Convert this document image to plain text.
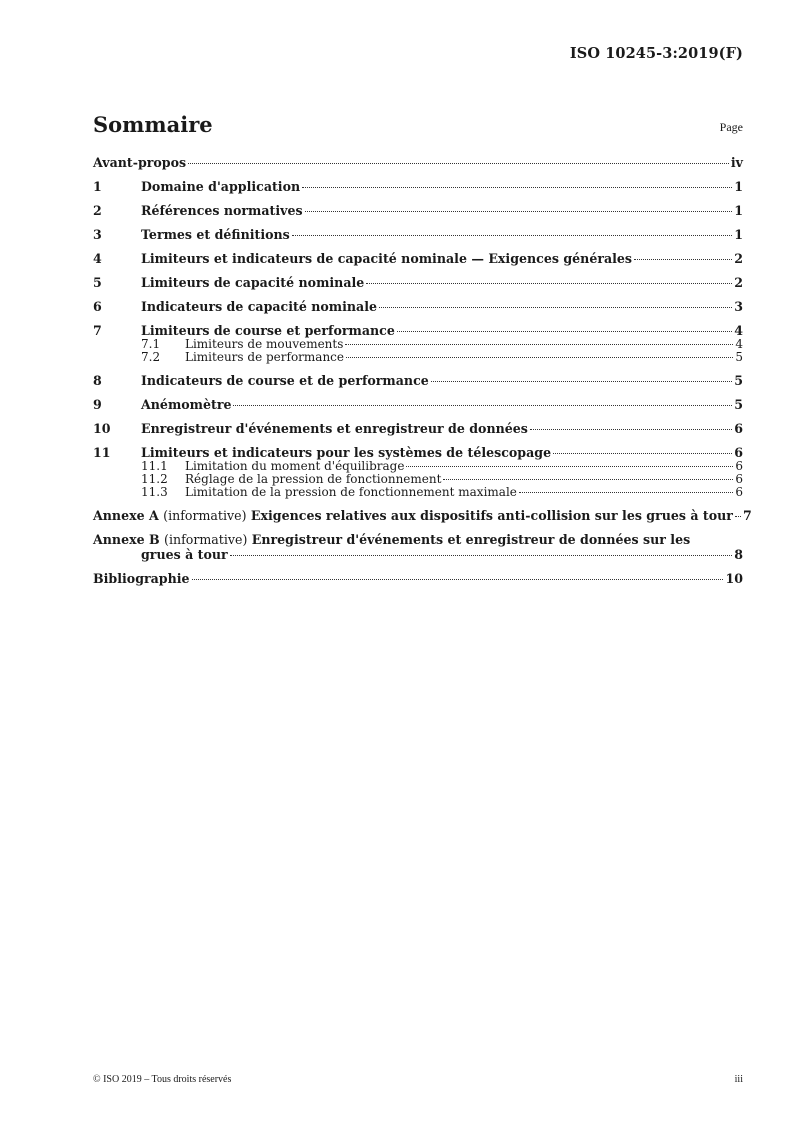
ISO 10245-3:2019(F)
Sommaire	Page
Avant-propos	iv
1	Domaine d'application	1
2	Références normatives	1
3	Termes et définitions	1
4	Limiteurs et indicateurs de capacité nominale — Exigences générales	2
5	Limiteurs de capacité nominale	2
6	Indicateurs de capacité nominale	3
7	Limiteurs de course et performance	4
7.1	Limiteurs de mouvements	4
7.2	Limiteurs de performance	5
8	Indicateurs de course et de performance	5
9	Anémomètre	5
10	Enregistreur d'événements et enregistreur de données	6
11	Limiteurs et indicateurs pour les systèmes de télescopage	6
11.1	Limitation du moment d'équilibrage	6
11.2	Réglage de la pression de fonctionnement	6
11.3	Limitation de la pression de fonctionnement maximale	6
Annexe A (informative) Exigences relatives aux dispositifs anti-collision sur les grues à tour 7
Annexe B (informative) Enregistreur d'événements et enregistreur de données sur les
grues à tour	8
Bibliographie	10
© ISO 2019 – Tous droits réservés	iii
